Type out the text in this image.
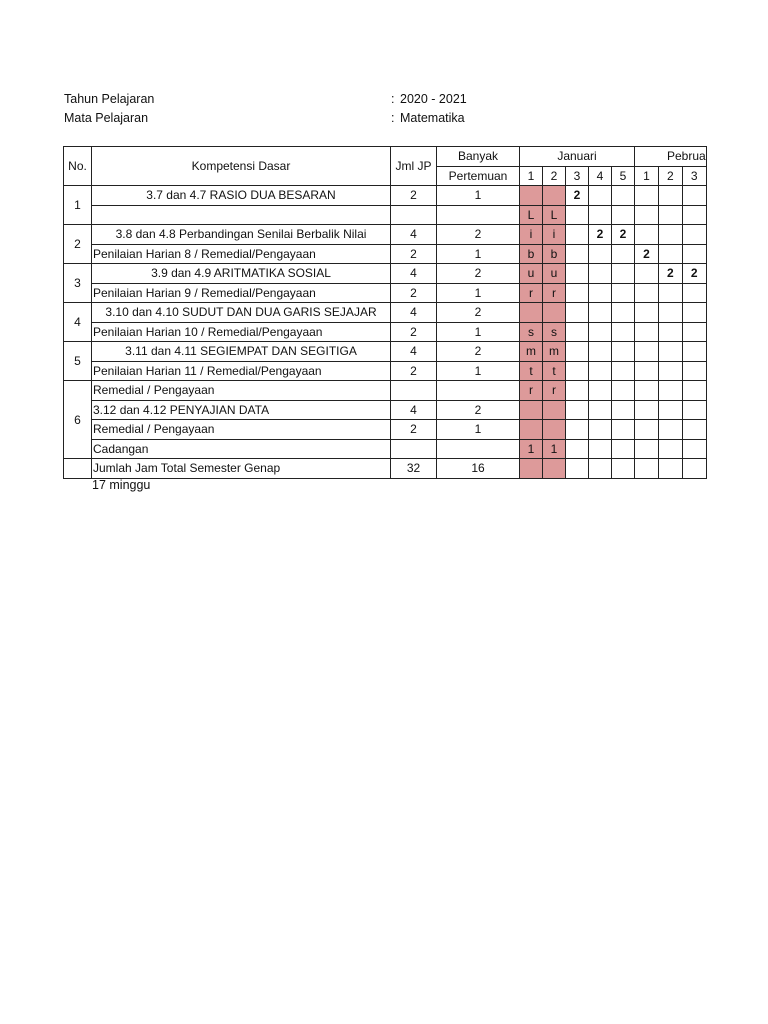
Tahun Pelajaran	: 2020 - 2021
Mata Pelajaran	: Matematika
No.	Kompetensi Dasar	Jml JP	Banyak	Januari					Pebrua		
			Pertemuan	1	2	3	4	5	1	2	3
1	3.7 dan 4.7 RASIO DUA BESARAN	2	1			2					
				L	L						
2	3.8 dan 4.8 Perbandingan Senilai Berbalik Nilai	4	2	i	i		2	2			
	Penilaian Harian 8 / Remedial/Pengayaan	2	1	b	b				2		
3	3.9 dan 4.9 ARITMATIKA SOSIAL	4	2	u	u					2	2
	Penilaian Harian 9 / Remedial/Pengayaan	2	1	r	r						
4	3.10 dan 4.10 SUDUT DAN DUA GARIS SEJAJAR	4	2								
	Penilaian Harian 10 / Remedial/Pengayaan	2	1	s	s						
5	3.11 dan 4.11 SEGIEMPAT DAN SEGITIGA	4	2	m	m						
	Penilaian Harian 11 / Remedial/Pengayaan	2	1	t	t						
6	Remedial / Pengayaan			r	r						
	3.12 dan 4.12 PENYAJIAN DATA	4	2								
	Remedial / Pengayaan	2	1								
	Cadangan			1	1						
	Jumlah Jam Total Semester Genap	32	16								
17 minggu
